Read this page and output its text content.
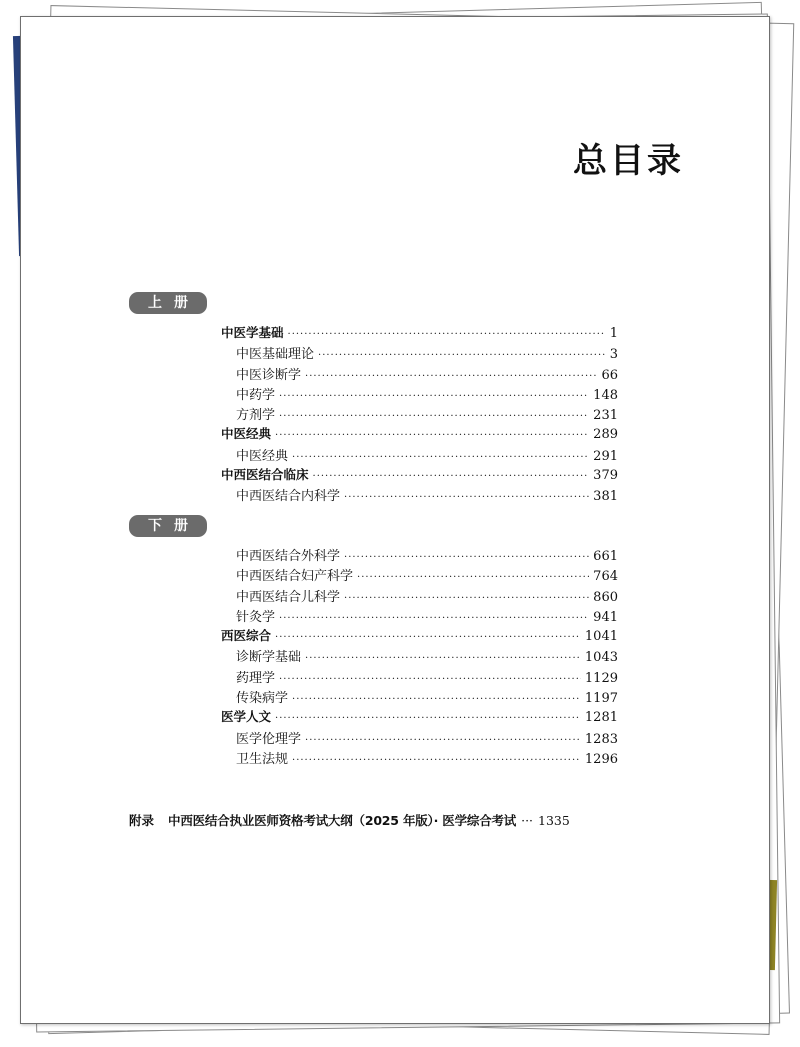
总目录
上册
中医学基础 ·····	1
中医基础理论 ·····	3
中医诊断学 ·····	66
中药学 ·····	148
方剂学 ·····	231
中医经典 ·····	289
中医经典 ·····	291
中西医结合临床 ·····	379
中西医结合内科学 ·····	381
下册
中西医结合外科学 ·····	661
中西医结合妇产科学 ·····	764
中西医结合儿科学 ·····	860
针灸学 ·····	941
西医综合 ·····	1041
诊断学基础 ·····	1043
药理学 ·····	1129
传染病学 ·····	1197
医学人文 ·····	1281
医学伦理学 ·····	1283
卫生法规 ·····	1296
附录 中西医结合执业医师资格考试大纲（2025 年版）· 医学综合考试 ··· 1335
